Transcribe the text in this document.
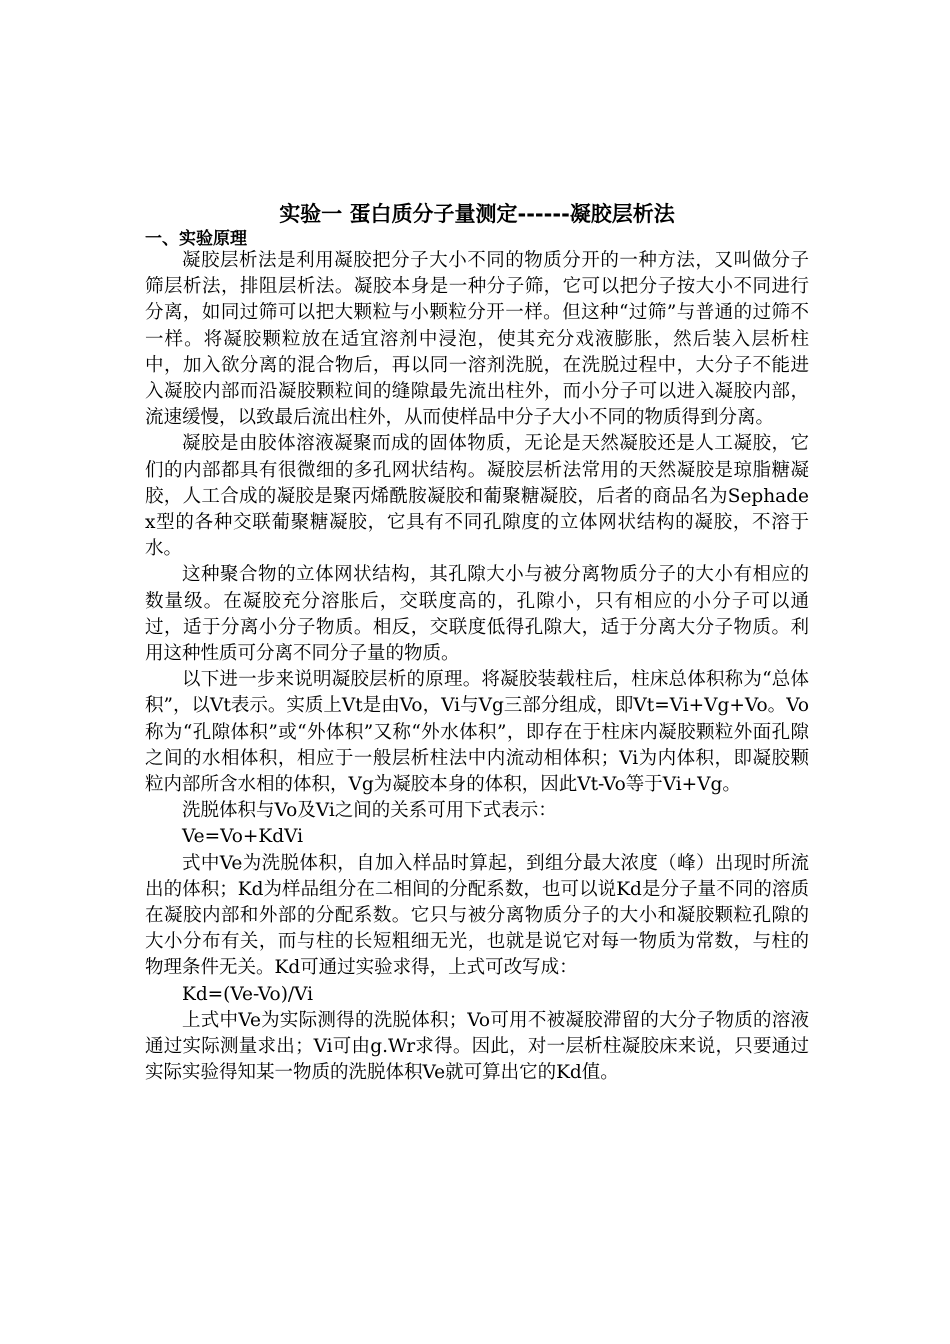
实验一 蛋白质分子量测定------凝胶层析法
一、实验原理

凝胶层析法是利用凝胶把分子大小不同的物质分开的一种方法，又叫做分子筛层析法，排阻层析法。凝胶本身是一种分子筛，它可以把分子按大小不同进行分离，如同过筛可以把大颗粒与小颗粒分开一样。但这种“过筛”与普通的过筛不一样。将凝胶颗粒放在适宜溶剂中浸泡，使其充分戏液膨胀，然后装入层析柱中，加入欲分离的混合物后，再以同一溶剂洗脱，在洗脱过程中，大分子不能进入凝胶内部而沿凝胶颗粒间的缝隙最先流出柱外，而小分子可以进入凝胶内部，流速缓慢，以致最后流出柱外，从而使样品中分子大小不同的物质得到分离。

凝胶是由胶体溶液凝聚而成的固体物质，无论是天然凝胶还是人工凝胶，它们的内部都具有很微细的多孔网状结构。凝胶层析法常用的天然凝胶是琼脂糖凝胶，人工合成的凝胶是聚丙烯酰胺凝胶和葡聚糖凝胶，后者的商品名为Sephadex型的各种交联葡聚糖凝胶，它具有不同孔隙度的立体网状结构的凝胶，不溶于水。

这种聚合物的立体网状结构，其孔隙大小与被分离物质分子的大小有相应的数量级。在凝胶充分溶胀后，交联度高的，孔隙小，只有相应的小分子可以通过，适于分离小分子物质。相反，交联度低得孔隙大，适于分离大分子物质。利用这种性质可分离不同分子量的物质。

以下进一步来说明凝胶层析的原理。将凝胶装载柱后，柱床总体积称为“总体积”，以Vt表示。实质上Vt是由Vo，Vi与Vg三部分组成，即Vt=Vi+Vg+Vo。Vo称为“孔隙体积”或“外体积”又称“外水体积”，即存在于柱床内凝胶颗粒外面孔隙之间的水相体积，相应于一般层析柱法中内流动相体积；Vi为内体积，即凝胶颗粒内部所含水相的体积，Vg为凝胶本身的体积，因此Vt-Vo等于Vi+Vg。

洗脱体积与Vo及Vi之间的关系可用下式表示：

Ve=Vo+KdVi

式中Ve为洗脱体积，自加入样品时算起，到组分最大浓度（峰）出现时所流出的体积；Kd为样品组分在二相间的分配系数，也可以说Kd是分子量不同的溶质在凝胶内部和外部的分配系数。它只与被分离物质分子的大小和凝胶颗粒孔隙的大小分布有关，而与柱的长短粗细无光，也就是说它对每一物质为常数，与柱的物理条件无关。Kd可通过实验求得，上式可改写成：

Kd=(Ve-Vo)/Vi

上式中Ve为实际测得的洗脱体积；Vo可用不被凝胶滞留的大分子物质的溶液通过实际测量求出；Vi可由g.Wr求得。因此，对一层析柱凝胶床来说，只要通过实际实验得知某一物质的洗脱体积Ve就可算出它的Kd值。
